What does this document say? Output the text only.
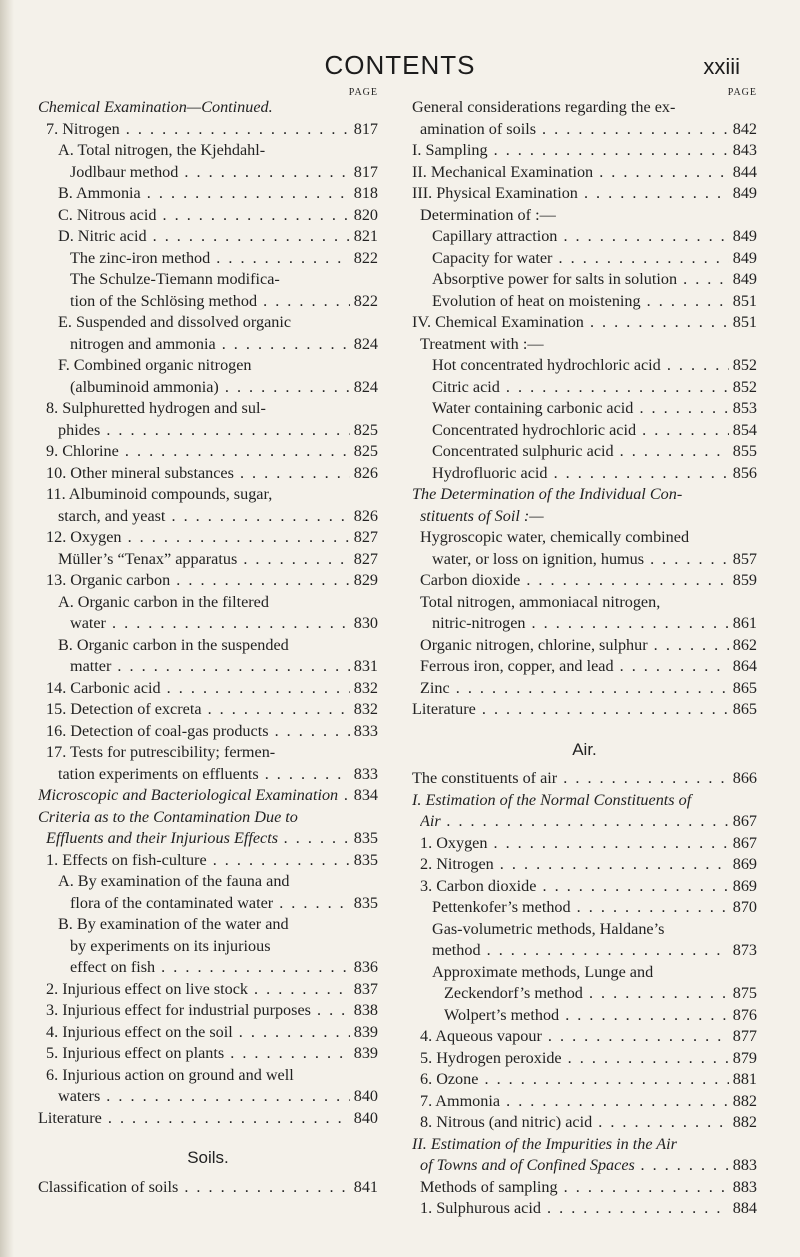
CONTENTS	xxiii
PAGE
Chemical Examination—Continued.
7. Nitrogen . . .	817
A. Total nitrogen, the Kjehdahl-
Jodlbaur method . . .	817
B. Ammonia . . .	818
C. Nitrous acid . . .	820
D. Nitric acid . . .	821
The zinc-iron method . . .	822
The Schulze-Tiemann modifica-
tion of the Schlösing method . . .	822
E. Suspended and dissolved organic
nitrogen and ammonia . . .	824
F. Combined organic nitrogen
(albuminoid ammonia) . . .	824
8. Sulphuretted hydrogen and sul-
phides . . .	825
9. Chlorine . . .	825
10. Other mineral substances . . .	826
11. Albuminoid compounds, sugar,
starch, and yeast . . .	826
12. Oxygen . . .	827
Müller’s “Tenax” apparatus . . .	827
13. Organic carbon . . .	829
A. Organic carbon in the filtered
water . . .	830
B. Organic carbon in the suspended
matter . . .	831
14. Carbonic acid . . .	832
15. Detection of excreta . . .	832
16. Detection of coal-gas products . . .	833
17. Tests for putrescibility; fermen-
tation experiments on effluents . . .	833
Microscopic and Bacteriological Examination . . . 834
Criteria as to the Contamination Due to
Effluents and their Injurious Effects . . .	835
1. Effects on fish-culture . . .	835
A. By examination of the fauna and
flora of the contaminated water . . .	835
B. By examination of the water and
by experiments on its injurious
effect on fish . . .	836
2. Injurious effect on live stock . . .	837
3. Injurious effect for industrial purposes . . .	838
4. Injurious effect on the soil . . .	839
5. Injurious effect on plants . . .	839
6. Injurious action on ground and well
waters . . .	840
Literature . . .	840
Soils.
Classification of soils . . .	841
PAGE
General considerations regarding the ex-
amination of soils . . .	842
I. Sampling . . .	843
II. Mechanical Examination . . .	844
III. Physical Examination . . .	849
Determination of :—
Capillary attraction . . .	849
Capacity for water . . .	849
Absorptive power for salts in solution . . .	849
Evolution of heat on moistening . . .	851
IV. Chemical Examination . . .	851
Treatment with :—
Hot concentrated hydrochloric acid . . .	852
Citric acid . . .	852
Water containing carbonic acid . . .	853
Concentrated hydrochloric acid . . .	854
Concentrated sulphuric acid . . .	855
Hydrofluoric acid . . .	856
The Determination of the Individual Con-
stituents of Soil :—
Hygroscopic water, chemically combined
water, or loss on ignition, humus . . .	857
Carbon dioxide . . .	859
Total nitrogen, ammoniacal nitrogen,
nitric-nitrogen . . .	861
Organic nitrogen, chlorine, sulphur . . .	862
Ferrous iron, copper, and lead . . .	864
Zinc . . .	865
Literature . . .	865
Air.
The constituents of air . . .	866
I. Estimation of the Normal Constituents of
Air . . .	867
1. Oxygen . . .	867
2. Nitrogen . . .	869
3. Carbon dioxide . . .	869
Pettenkofer’s method . . .	870
Gas-volumetric methods, Haldane’s
method . . .	873
Approximate methods, Lunge and
Zeckendorf’s method . . .	875
Wolpert’s method . . .	876
4. Aqueous vapour . . .	877
5. Hydrogen peroxide . . .	879
6. Ozone . . .	881
7. Ammonia . . .	882
8. Nitrous (and nitric) acid . . .	882
II. Estimation of the Impurities in the Air
of Towns and of Confined Spaces . . .	883
Methods of sampling . . .	883
1. Sulphurous acid . . .	884
